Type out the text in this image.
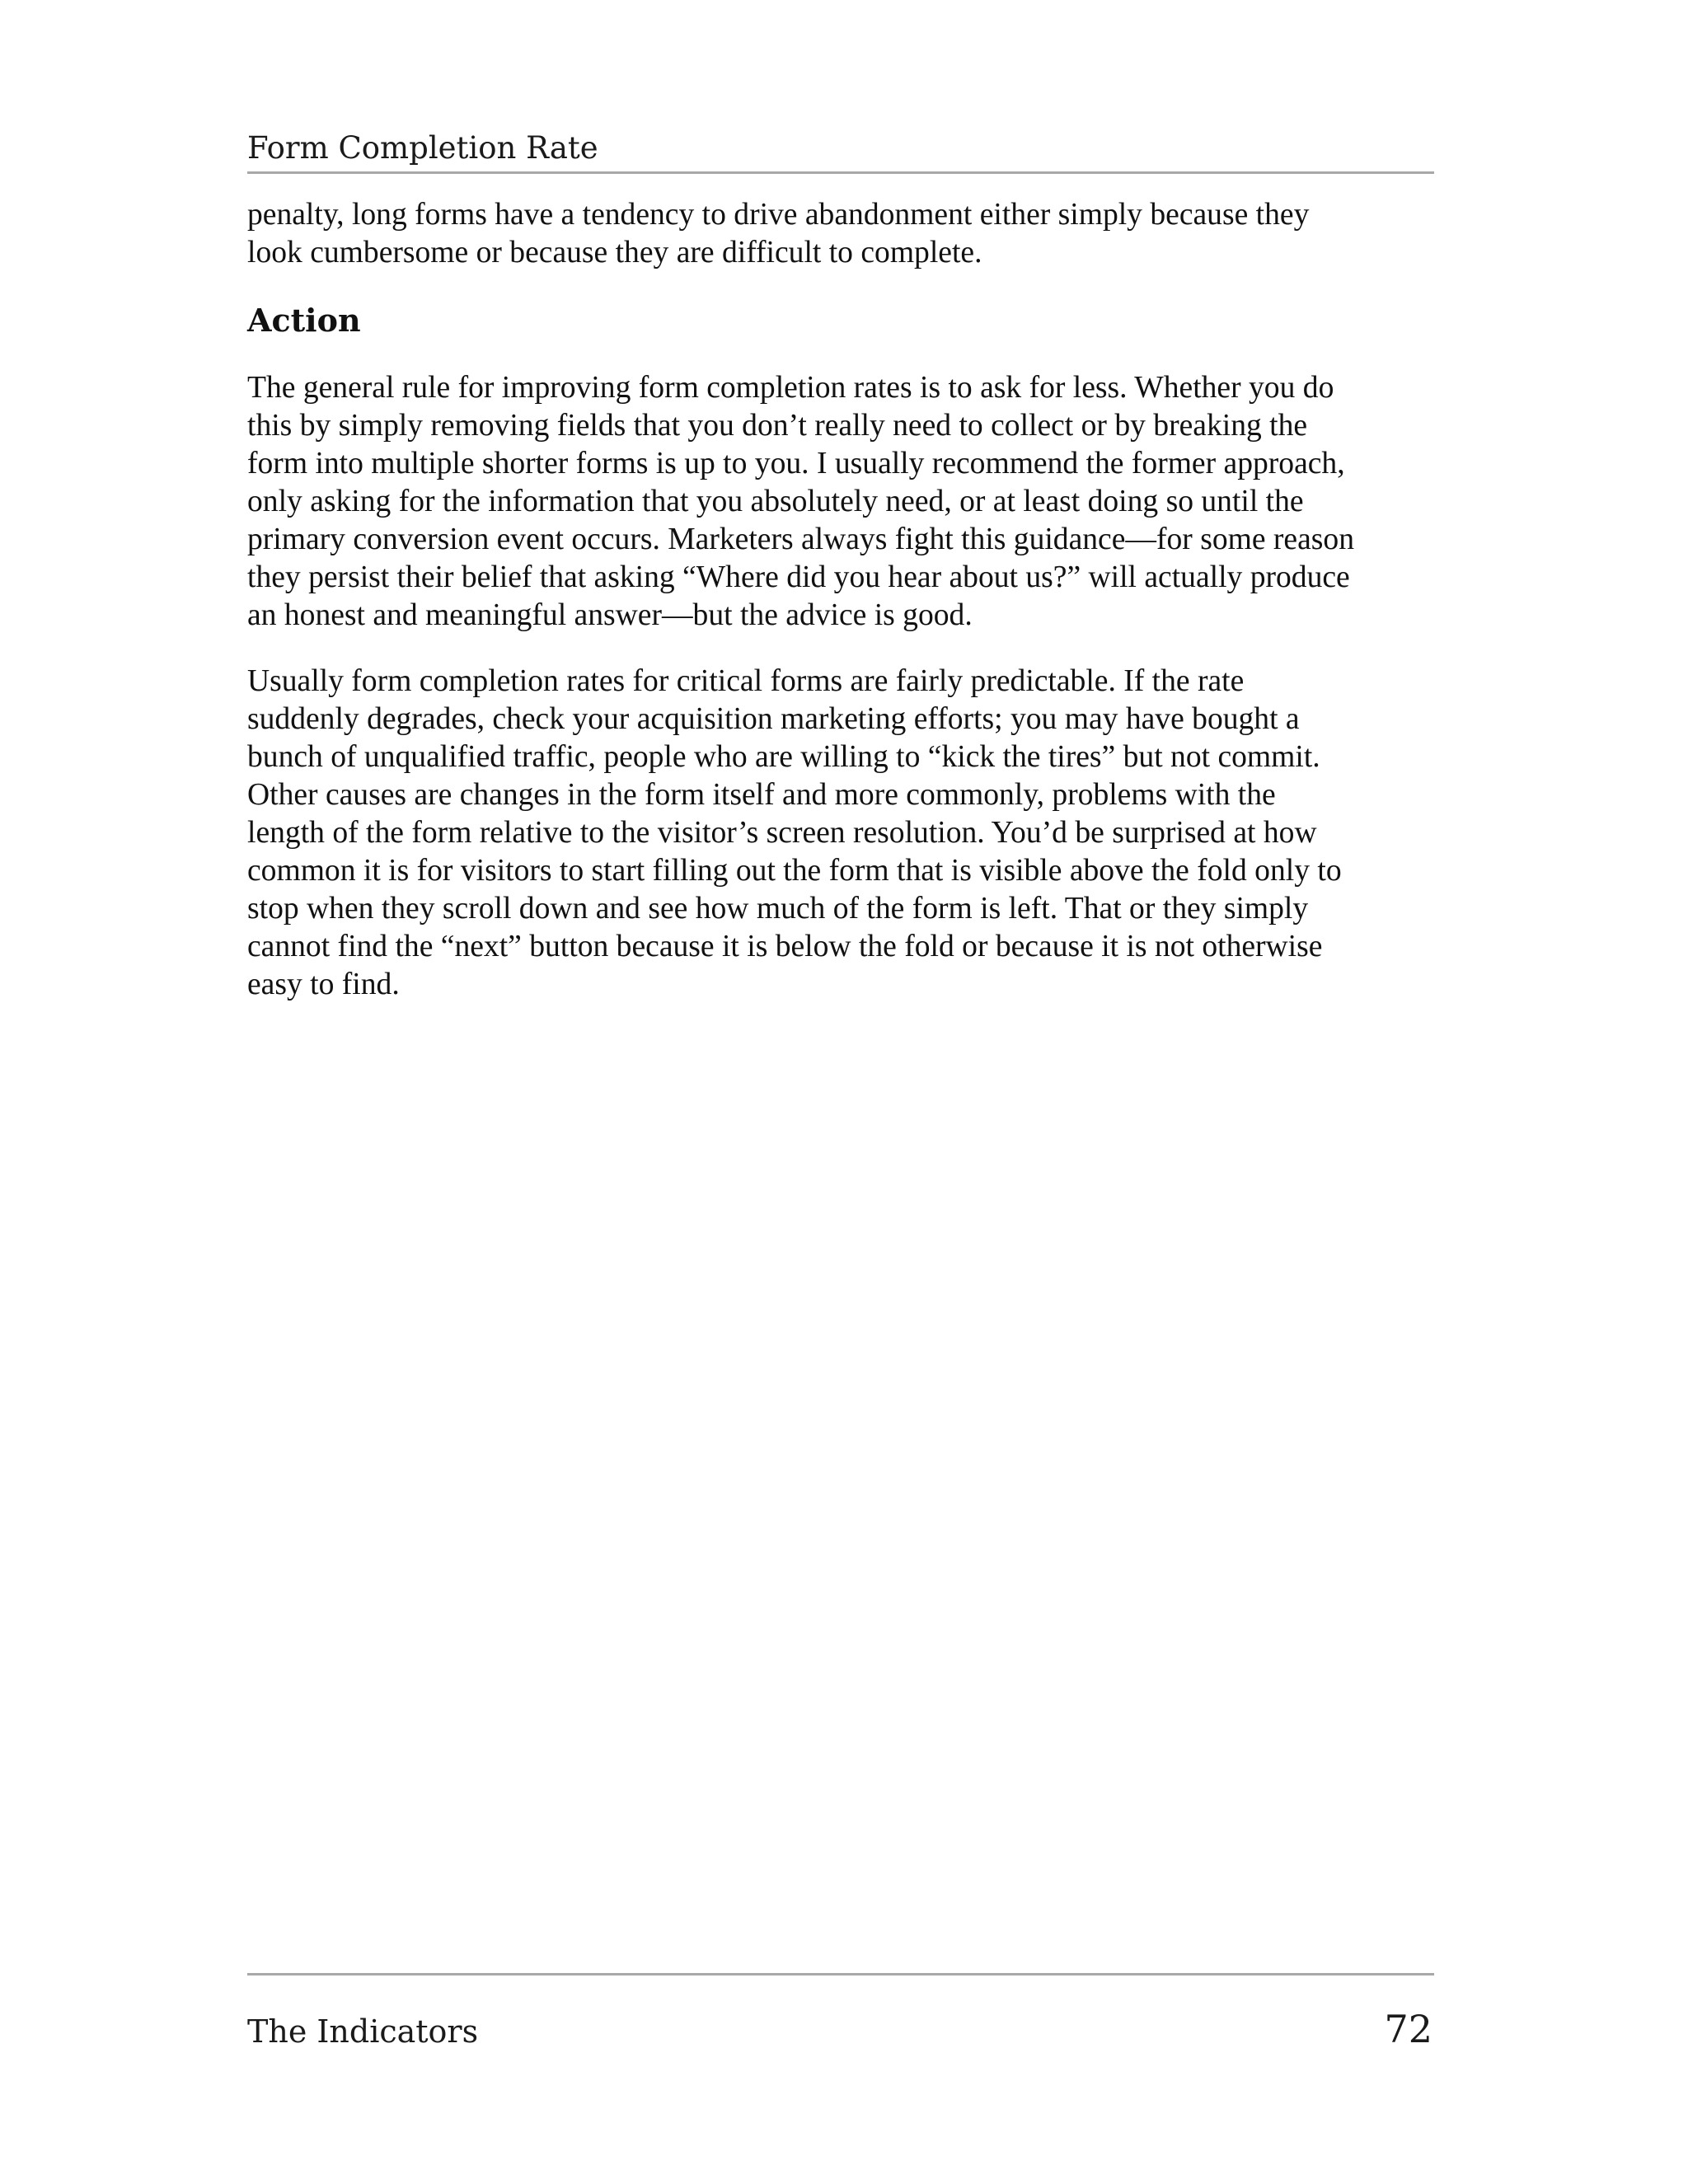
Form Completion Rate

penalty, long forms have a tendency to drive abandonment either simply because they
look cumbersome or because they are difficult to complete.

Action

The general rule for improving form completion rates is to ask for less. Whether you do
this by simply removing fields that you don’t really need to collect or by breaking the
form into multiple shorter forms is up to you. I usually recommend the former approach,
only asking for the information that you absolutely need, or at least doing so until the
primary conversion event occurs. Marketers always fight this guidance—for some reason
they persist their belief that asking “Where did you hear about us?” will actually produce
an honest and meaningful answer—but the advice is good.

Usually form completion rates for critical forms are fairly predictable. If the rate
suddenly degrades, check your acquisition marketing efforts; you may have bought a
bunch of unqualified traffic, people who are willing to “kick the tires” but not commit.
Other causes are changes in the form itself and more commonly, problems with the
length of the form relative to the visitor’s screen resolution. You’d be surprised at how
common it is for visitors to start filling out the form that is visible above the fold only to
stop when they scroll down and see how much of the form is left. That or they simply
cannot find the “next” button because it is below the fold or because it is not otherwise
easy to find.

The Indicators	72
